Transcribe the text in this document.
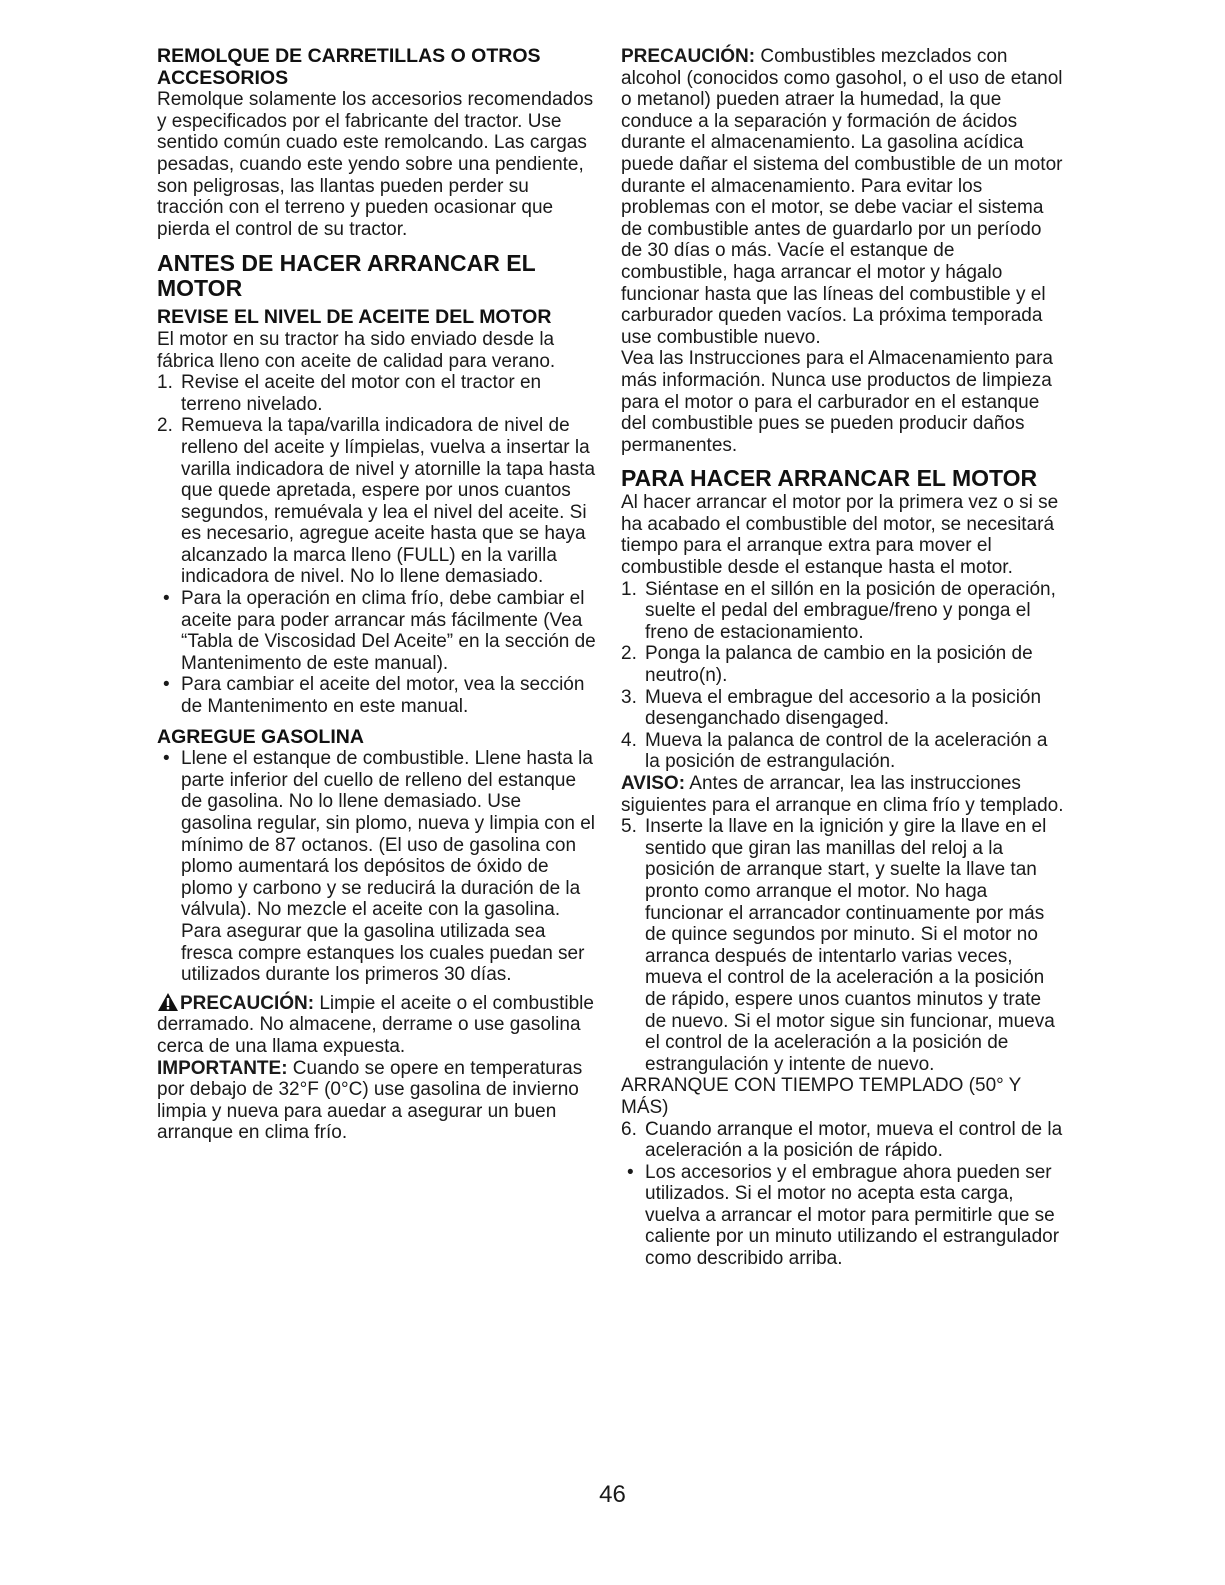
REMOLQUE DE CARRETILLAS O OTROS ACCESORIOS

Remolque solamente los accesorios recomendados y especificados por el fabricante del tractor. Use sentido común cuado este remolcando. Las cargas pesadas, cuando este yendo sobre una pendiente, son peligrosas, las llantas pueden perder su tracción con el terreno y pueden ocasionar que pierda el control de su tractor.

ANTES DE HACER ARRANCAR EL MOTOR

REVISE EL NIVEL DE ACEITE DEL MOTOR

El motor en su tractor ha sido enviado desde la fábrica lleno con aceite de calidad para verano.

1. Revise el aceite del motor con el tractor en terreno nivelado.
2. Remueva la tapa/varilla indicadora de nivel de relleno del aceite y límpielas, vuelva a insertar la varilla indicadora de nivel y atornille la tapa hasta que quede apretada, espere por unos cuantos segundos, remuévala y lea el nivel del aceite. Si es necesario, agregue aceite hasta que se haya alcanzado la marca lleno (FULL) en la varilla indicadora de nivel. No lo llene demasiado.
• Para la operación en clima frío, debe cambiar el aceite para poder arrancar más fácilmente (Vea “Tabla de Viscosidad Del Aceite” en la sección de Mantenimento de este manual).
• Para cambiar el aceite del motor, vea la sección de Mantenimento en este manual.

AGREGUE GASOLINA

• Llene el estanque de combustible. Llene hasta la parte inferior del cuello de relleno del estanque de gasolina. No lo llene demasiado. Use gasolina regular, sin plomo, nueva y limpia con el mínimo de 87 octanos. (El uso de gasolina con plomo aumentará los depósitos de óxido de plomo y carbono y se reducirá la duración de la válvula). No mezcle el aceite con la gasolina. Para asegurar que la gasolina utilizada sea fresca compre estanques los cuales puedan ser utilizados durante los primeros 30 días.

PRECAUCIÓN: Limpie el aceite o el combustible derramado. No almacene, derrame o use gasolina cerca de una llama expuesta.

IMPORTANTE: Cuando se opere en temperaturas por debajo de 32°F (0°C) use gasolina de invierno limpia y nueva para auedar a asegurar un buen arranque en clima frío.

PRECAUCIÓN: Combustibles mezclados con alcohol (conocidos como gasohol, o el uso de etanol o metanol) pueden atraer la humedad, la que conduce a la separación y formación de ácidos durante el almacenamiento. La gasolina acídica puede dañar el sistema del combustible de un motor durante el almacenamiento. Para evitar los problemas con el motor, se debe vaciar el sistema de combustible antes de guardarlo por un período de 30 días o más. Vacíe el estanque de combustible, haga arrancar el motor y hágalo funcionar hasta que las líneas del combustible y el carburador queden vacíos. La próxima temporada use combustible nuevo.

Vea las Instrucciones para el Almacenamiento para más información. Nunca use productos de limpieza para el motor o para el carburador en el estanque del combustible pues se pueden producir daños permanentes.

PARA HACER ARRANCAR EL MOTOR

Al hacer arrancar el motor por la primera vez o si se ha acabado el combustible del motor, se necesitará tiempo para el arranque extra para mover el combustible desde el estanque hasta el motor.

1. Siéntase en el sillón en la posición de operación, suelte el pedal del embrague/freno y ponga el freno de estacionamiento.
2. Ponga la palanca de cambio en la posición de neutro(n).
3. Mueva el embrague del accesorio a la posición desenganchado disengaged.
4. Mueva la palanca de control de la aceleración a la posición de estrangulación.

AVISO: Antes de arrancar, lea las instrucciones siguientes para el arranque en clima frío y templado.

5. Inserte la llave en la ignición y gire la llave en el sentido que giran las manillas del reloj a la posición de arranque start, y suelte la llave tan pronto como arranque el motor. No haga funcionar el arrancador continuamente por más de quince segundos por minuto. Si el motor no arranca después de intentarlo varias veces, mueva el control de la aceleración a la posición de rápido, espere unos cuantos minutos y trate de nuevo. Si el motor sigue sin funcionar, mueva el control de la aceleración a la posición de estrangulación y intente de nuevo.

ARRANQUE CON TIEMPO TEMPLADO (50° Y MÁS)

6. Cuando arranque el motor, mueva el control de la aceleración a la posición de rápido.
• Los accesorios y el embrague ahora pueden ser utilizados. Si el motor no acepta esta carga, vuelva a arrancar el motor para permitirle que se caliente por un minuto utilizando el estrangulador como describido arriba.
46
